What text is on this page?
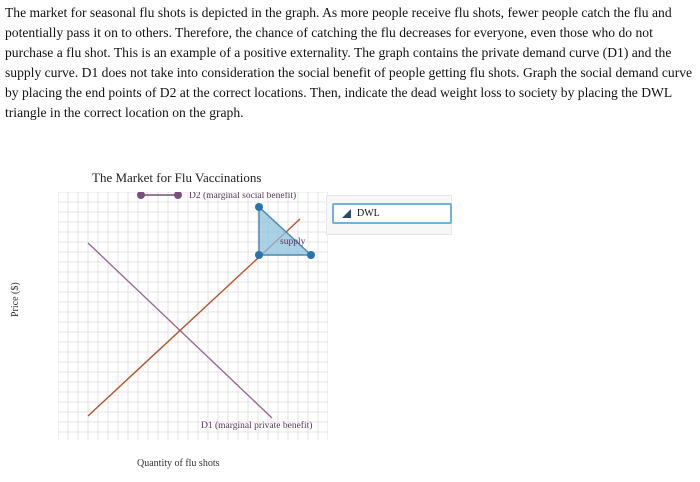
The market for seasonal flu shots is depicted in the graph. As more people receive flu shots, fewer people catch the flu and potentially pass it on to others. Therefore, the chance of catching the flu decreases for everyone, even those who do not purchase a flu shot. This is an example of a positive externality. The graph contains the private demand curve (D1) and the supply curve. D1 does not take into consideration the social benefit of people getting flu shots. Graph the social demand curve by placing the end points of D2 at the correct locations. Then, indicate the dead weight loss to society by placing the DWL triangle in the correct location on the graph.

The Market for Flu Vaccinations
Price ($)
Quantity of flu shots
D2 (marginal social benefit)
supply
D1 (marginal private benefit)
DWL
